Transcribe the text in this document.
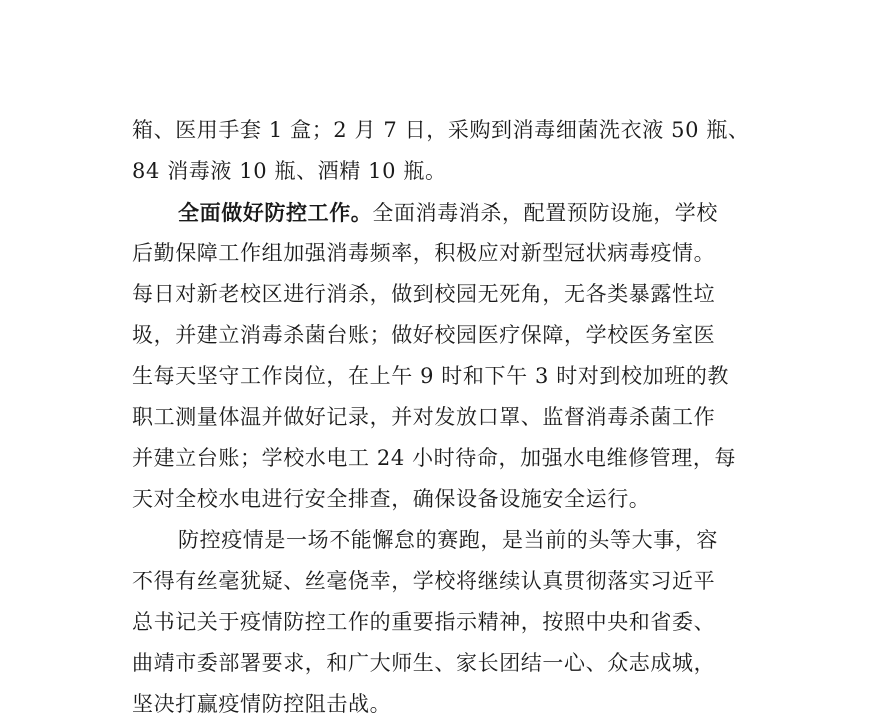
箱、医用手套 1 盒；2 月 7 日，采购到消毒细菌洗衣液 50 瓶、
84 消毒液 10 瓶、酒精 10 瓶。
全面做好防控工作。全面消毒消杀，配置预防设施，学校
后勤保障工作组加强消毒频率，积极应对新型冠状病毒疫情。
每日对新老校区进行消杀，做到校园无死角，无各类暴露性垃
圾，并建立消毒杀菌台账；做好校园医疗保障，学校医务室医
生每天坚守工作岗位，在上午 9 时和下午 3 时对到校加班的教
职工测量体温并做好记录，并对发放口罩、监督消毒杀菌工作
并建立台账；学校水电工 24 小时待命，加强水电维修管理，每
天对全校水电进行安全排查，确保设备设施安全运行。
防控疫情是一场不能懈怠的赛跑，是当前的头等大事，容
不得有丝毫犹疑、丝毫侥幸，学校将继续认真贯彻落实习近平
总书记关于疫情防控工作的重要指示精神，按照中央和省委、
曲靖市委部署要求，和广大师生、家长团结一心、众志成城，
坚决打赢疫情防控阻击战。
